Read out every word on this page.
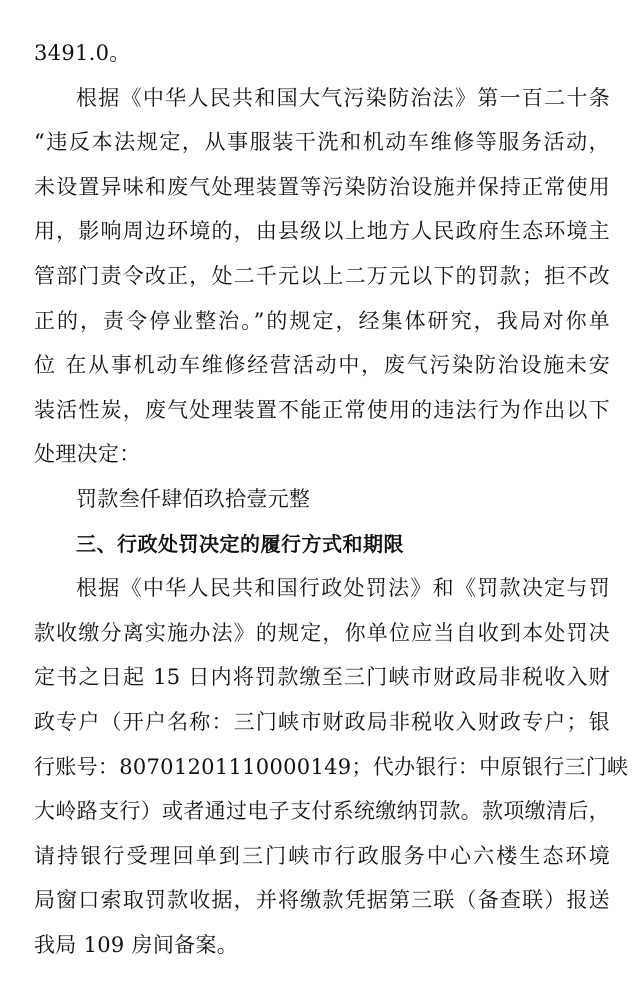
3491.0。
根据《中华人民共和国大气污染防治法》第一百二十条
“违反本法规定，从事服装干洗和机动车维修等服务活动，
未设置异味和废气处理装置等污染防治设施并保持正常使用
用，影响周边环境的，由县级以上地方人民政府生态环境主
管部门责令改正，处二千元以上二万元以下的罚款；拒不改
正的，责令停业整治。”的规定，经集体研究，我局对你单
位 在从事机动车维修经营活动中，废气污染防治设施未安
装活性炭，废气处理装置不能正常使用的违法行为作出以下
处理决定：
罚款叁仟肆佰玖拾壹元整
三、行政处罚决定的履行方式和期限
根据《中华人民共和国行政处罚法》和《罚款决定与罚
款收缴分离实施办法》的规定，你单位应当自收到本处罚决
定书之日起 15 日内将罚款缴至三门峡市财政局非税收入财
政专户（开户名称：三门峡市财政局非税收入财政专户；银
行账号：80701201110000149；代办银行：中原银行三门峡
大岭路支行）或者通过电子支付系统缴纳罚款。款项缴清后，
请持银行受理回单到三门峡市行政服务中心六楼生态环境
局窗口索取罚款收据，并将缴款凭据第三联（备查联）报送
我局 109 房间备案。
